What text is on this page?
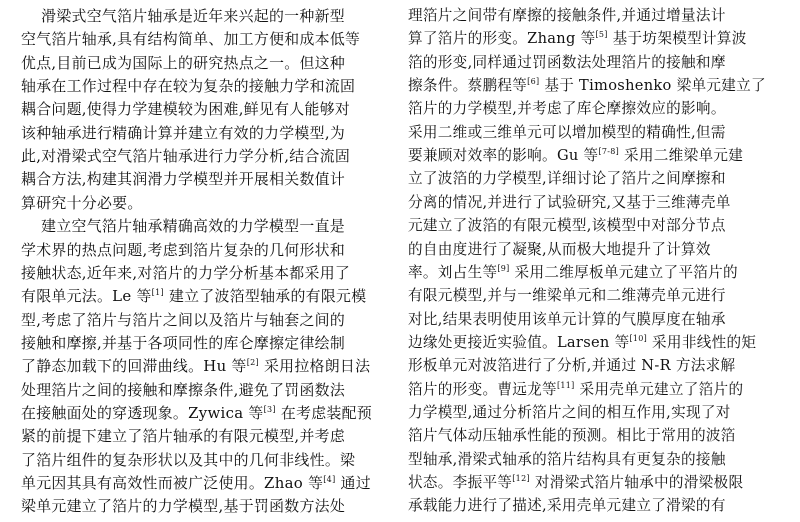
滑梁式空气箔片轴承是近年来兴起的一种新型
空气箔片轴承,具有结构简单、加工方便和成本低等
优点,目前已成为国际上的研究热点之一。但这种
轴承在工作过程中存在较为复杂的接触力学和流固
耦合问题,使得力学建模较为困难,鲜见有人能够对
该种轴承进行精确计算并建立有效的力学模型,为
此,对滑梁式空气箔片轴承进行力学分析,结合流固
耦合方法,构建其润滑力学模型并开展相关数值计
算研究十分必要。
建立空气箔片轴承精确高效的力学模型一直是
学术界的热点问题,考虑到箔片复杂的几何形状和
接触状态,近年来,对箔片的力学分析基本都采用了
有限单元法。Le 等[1] 建立了波箔型轴承的有限元模
型,考虑了箔片与箔片之间以及箔片与轴套之间的
接触和摩擦,并基于各项同性的库仑摩擦定律绘制
了静态加载下的回滞曲线。Hu 等[2] 采用拉格朗日法
处理箔片之间的接触和摩擦条件,避免了罚函数法
在接触面处的穿透现象。Zywica 等[3] 在考虑装配预
紧的前提下建立了箔片轴承的有限元模型,并考虑
了箔片组件的复杂形状以及其中的几何非线性。梁
单元因其具有高效性而被广泛使用。Zhao 等[4] 通过
梁单元建立了箔片的力学模型,基于罚函数方法处
理箔片之间带有摩擦的接触条件,并通过增量法计
算了箔片的形变。Zhang 等[5] 基于坊架模型计算波
箔的形变,同样通过罚函数法处理箔片的接触和摩
擦条件。蔡鹏程等[6] 基于 Timoshenko 梁单元建立了
箔片的力学模型,并考虑了库仑摩擦效应的影响。
采用二维或三维单元可以增加模型的精确性,但需
要兼顾对效率的影响。Gu 等[7-8] 采用二维梁单元建
立了波箔的力学模型,详细讨论了箔片之间摩擦和
分离的情况,并进行了试验研究,又基于三维薄壳单
元建立了波箔的有限元模型,该模型中对部分节点
的自由度进行了凝聚,从而极大地提升了计算效
率。刘占生等[9] 采用二维厚板单元建立了平箔片的
有限元模型,并与一维梁单元和二维薄壳单元进行
对比,结果表明使用该单元计算的气膜厚度在轴承
边缘处更接近实验值。Larsen 等[10] 采用非线性的矩
形板单元对波箔进行了分析,并通过 N-R 方法求解
箔片的形变。曹远龙等[11] 采用壳单元建立了箔片的
力学模型,通过分析箔片之间的相互作用,实现了对
箔片气体动压轴承性能的预测。相比于常用的波箔
型轴承,滑梁式轴承的箔片结构具有更复杂的接触
状态。李振平等[12] 对滑梁式箔片轴承中的滑梁极限
承载能力进行了描述,采用壳单元建立了滑梁的有
